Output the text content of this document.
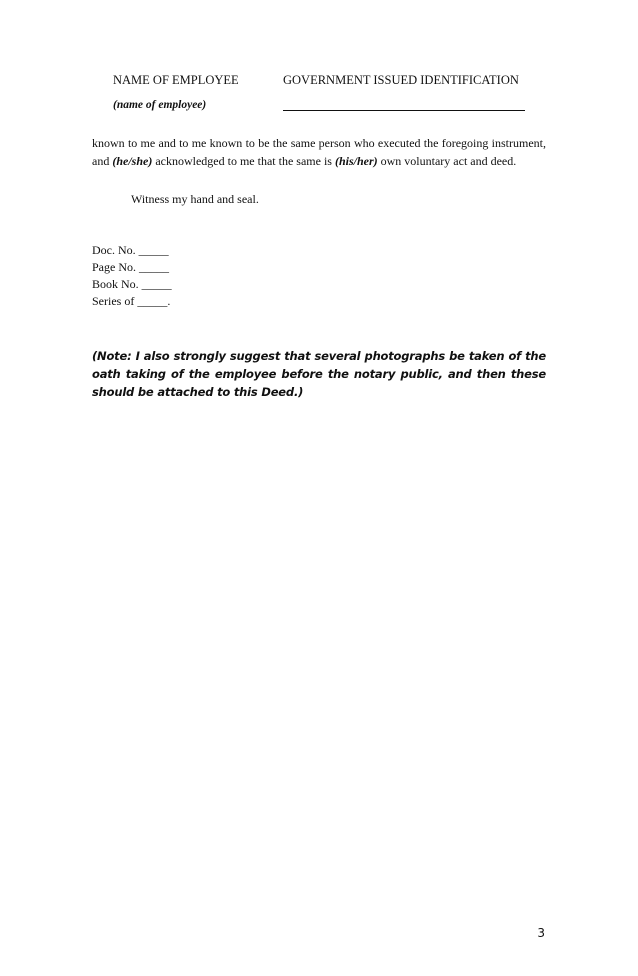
NAME OF EMPLOYEE	GOVERNMENT ISSUED IDENTIFICATION
(name of employee)
known to me and to me known to be the same person who executed the foregoing instrument, and (he/she) acknowledged to me that the same is (his/her) own voluntary act and deed.
Witness my hand and seal.
Doc. No. _____
Page No. _____
Book No. _____
Series of _____.
(Note: I also strongly suggest that several photographs be taken of the oath taking of the employee before the notary public, and then these should be attached to this Deed.)
3
